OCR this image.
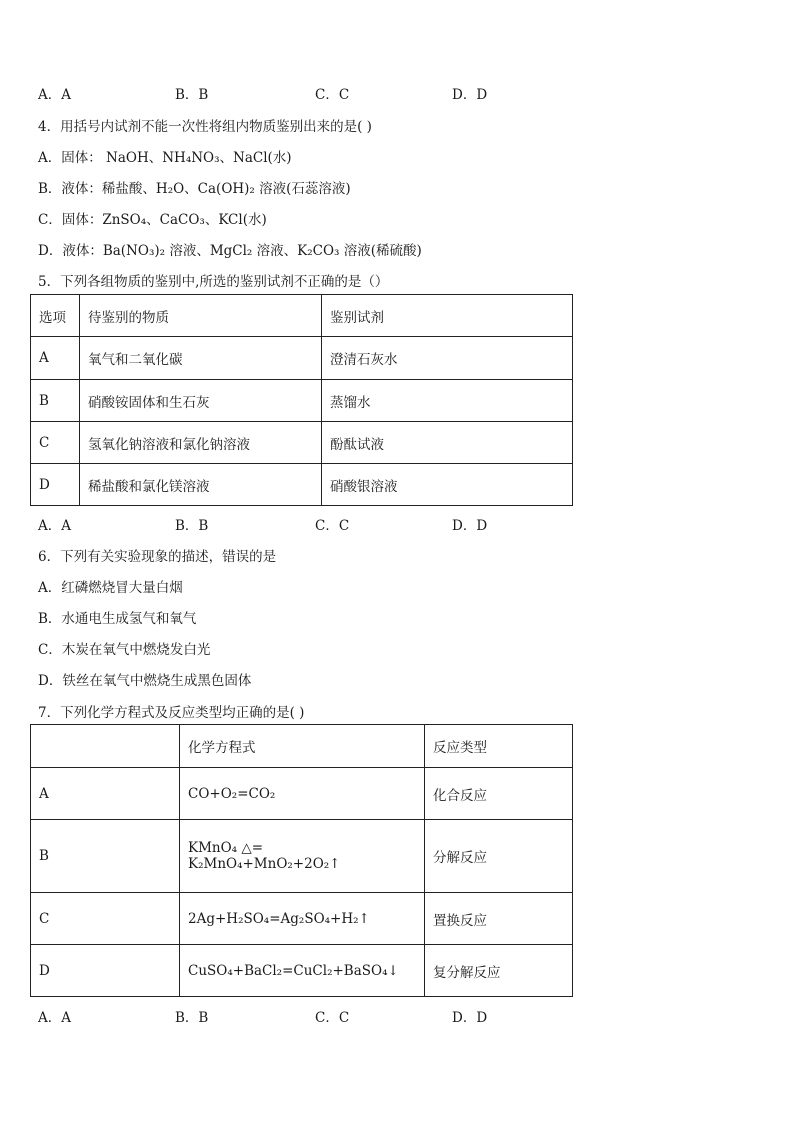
A．A	B．B	C．C	D．D
4．用括号内试剂不能一次性将组内物质鉴别出来的是( )
A．固体： NaOH、NH₄NO₃、NaCl(水)
B．液体：稀盐酸、H₂O、Ca(OH)₂ 溶液(石蕊溶液)
C．固体：ZnSO₄、CaCO₃、KCl(水)
D．液体：Ba(NO₃)₂ 溶液、MgCl₂ 溶液、K₂CO₃ 溶液(稀硫酸)
5．下列各组物质的鉴别中,所选的鉴别试剂不正确的是（）
选项	待鉴别的物质	鉴别试剂
A	氧气和二氧化碳	澄清石灰水
B	硝酸铵固体和生石灰	蒸馏水
C	氢氧化钠溶液和氯化钠溶液	酚酞试液
D	稀盐酸和氯化镁溶液	硝酸银溶液
A．A	B．B	C．C	D．D
6．下列有关实验现象的描述，错误的是
A．红磷燃烧冒大量白烟
B．水通电生成氢气和氧气
C．木炭在氧气中燃烧发白光
D．铁丝在氧气中燃烧生成黑色固体
7．下列化学方程式及反应类型均正确的是( )
	化学方程式	反应类型
A	CO+O₂=CO₂	化合反应
B	KMnO₄ △= K₂MnO₄+MnO₂+2O₂↑	分解反应
C	2Ag+H₂SO₄=Ag₂SO₄+H₂↑	置换反应
D	CuSO₄+BaCl₂=CuCl₂+BaSO₄↓	复分解反应
A．A	B．B	C．C	D．D
